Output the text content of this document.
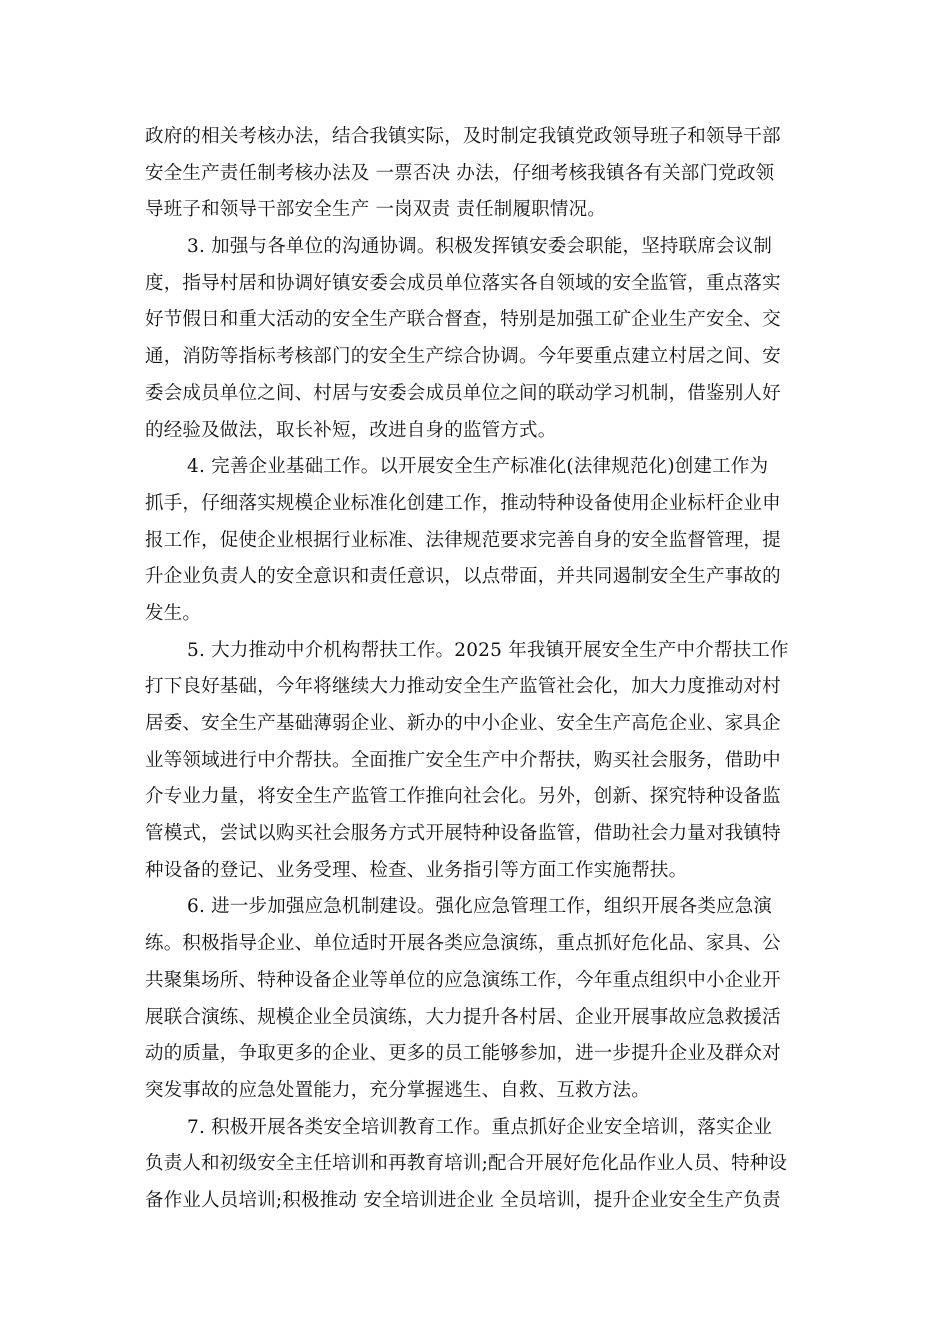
政府的相关考核办法，结合我镇实际，及时制定我镇党政领导班子和领导干部
安全生产责任制考核办法及 一票否决 办法，仔细考核我镇各有关部门党政领
导班子和领导干部安全生产 一岗双责 责任制履职情况。
3. 加强与各单位的沟通协调。积极发挥镇安委会职能，坚持联席会议制
度，指导村居和协调好镇安委会成员单位落实各自领域的安全监管，重点落实
好节假日和重大活动的安全生产联合督查，特别是加强工矿企业生产安全、交
通，消防等指标考核部门的安全生产综合协调。今年要重点建立村居之间、安
委会成员单位之间、村居与安委会成员单位之间的联动学习机制，借鉴别人好
的经验及做法，取长补短，改进自身的监管方式。
4. 完善企业基础工作。以开展安全生产标准化(法律规范化)创建工作为
抓手，仔细落实规模企业标准化创建工作，推动特种设备使用企业标杆企业申
报工作，促使企业根据行业标准、法律规范要求完善自身的安全监督管理，提
升企业负责人的安全意识和责任意识，以点带面，并共同遏制安全生产事故的
发生。
5. 大力推动中介机构帮扶工作。2025 年我镇开展安全生产中介帮扶工作
打下良好基础，今年将继续大力推动安全生产监管社会化，加大力度推动对村
居委、安全生产基础薄弱企业、新办的中小企业、安全生产高危企业、家具企
业等领域进行中介帮扶。全面推广安全生产中介帮扶，购买社会服务，借助中
介专业力量，将安全生产监管工作推向社会化。另外，创新、探究特种设备监
管模式，尝试以购买社会服务方式开展特种设备监管，借助社会力量对我镇特
种设备的登记、业务受理、检查、业务指引等方面工作实施帮扶。
6. 进一步加强应急机制建设。强化应急管理工作，组织开展各类应急演
练。积极指导企业、单位适时开展各类应急演练，重点抓好危化品、家具、公
共聚集场所、特种设备企业等单位的应急演练工作，今年重点组织中小企业开
展联合演练、规模企业全员演练，大力提升各村居、企业开展事故应急救援活
动的质量，争取更多的企业、更多的员工能够参加，进一步提升企业及群众对
突发事故的应急处置能力，充分掌握逃生、自救、互救方法。
7. 积极开展各类安全培训教育工作。重点抓好企业安全培训，落实企业
负责人和初级安全主任培训和再教育培训;配合开展好危化品作业人员、特种设
备作业人员培训;积极推动 安全培训进企业 全员培训，提升企业安全生产负责
